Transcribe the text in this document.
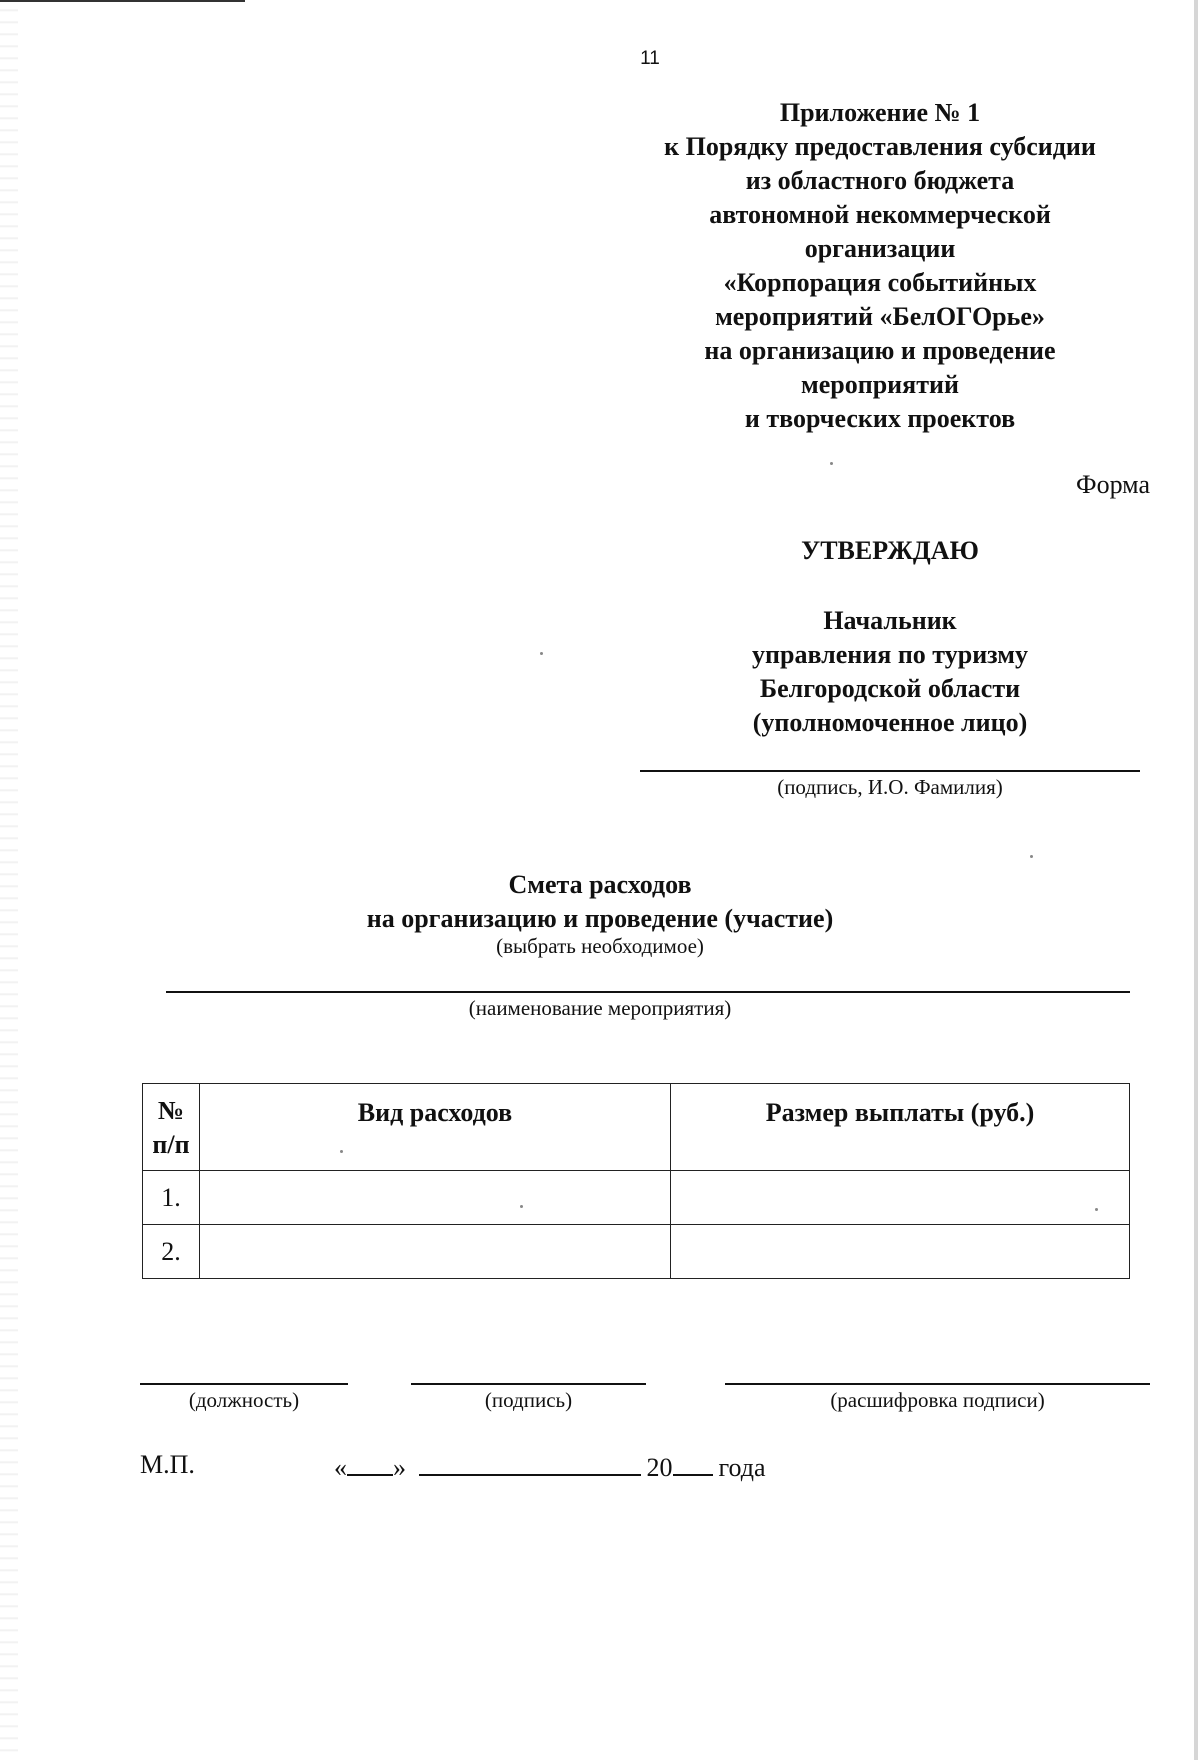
11
Приложение № 1
к Порядку предоставления субсидии
из областного бюджета
автономной некоммерческой
организации
«Корпорация событийных
мероприятий «БелОГОрье»
на организацию и проведение
мероприятий
и творческих проектов
Форма
УТВЕРЖДАЮ
Начальник
управления по туризму
Белгородской области
(уполномоченное лицо)
(подпись, И.О. Фамилия)
Смета расходов
на организацию и проведение (участие)
(выбрать необходимое)
(наименование мероприятия)
№
п/п	Вид расходов	Размер выплаты (руб.)
1.		
2.		
(должность)	(подпись)	(расшифровка подписи)
М.П.	« »	20 года
